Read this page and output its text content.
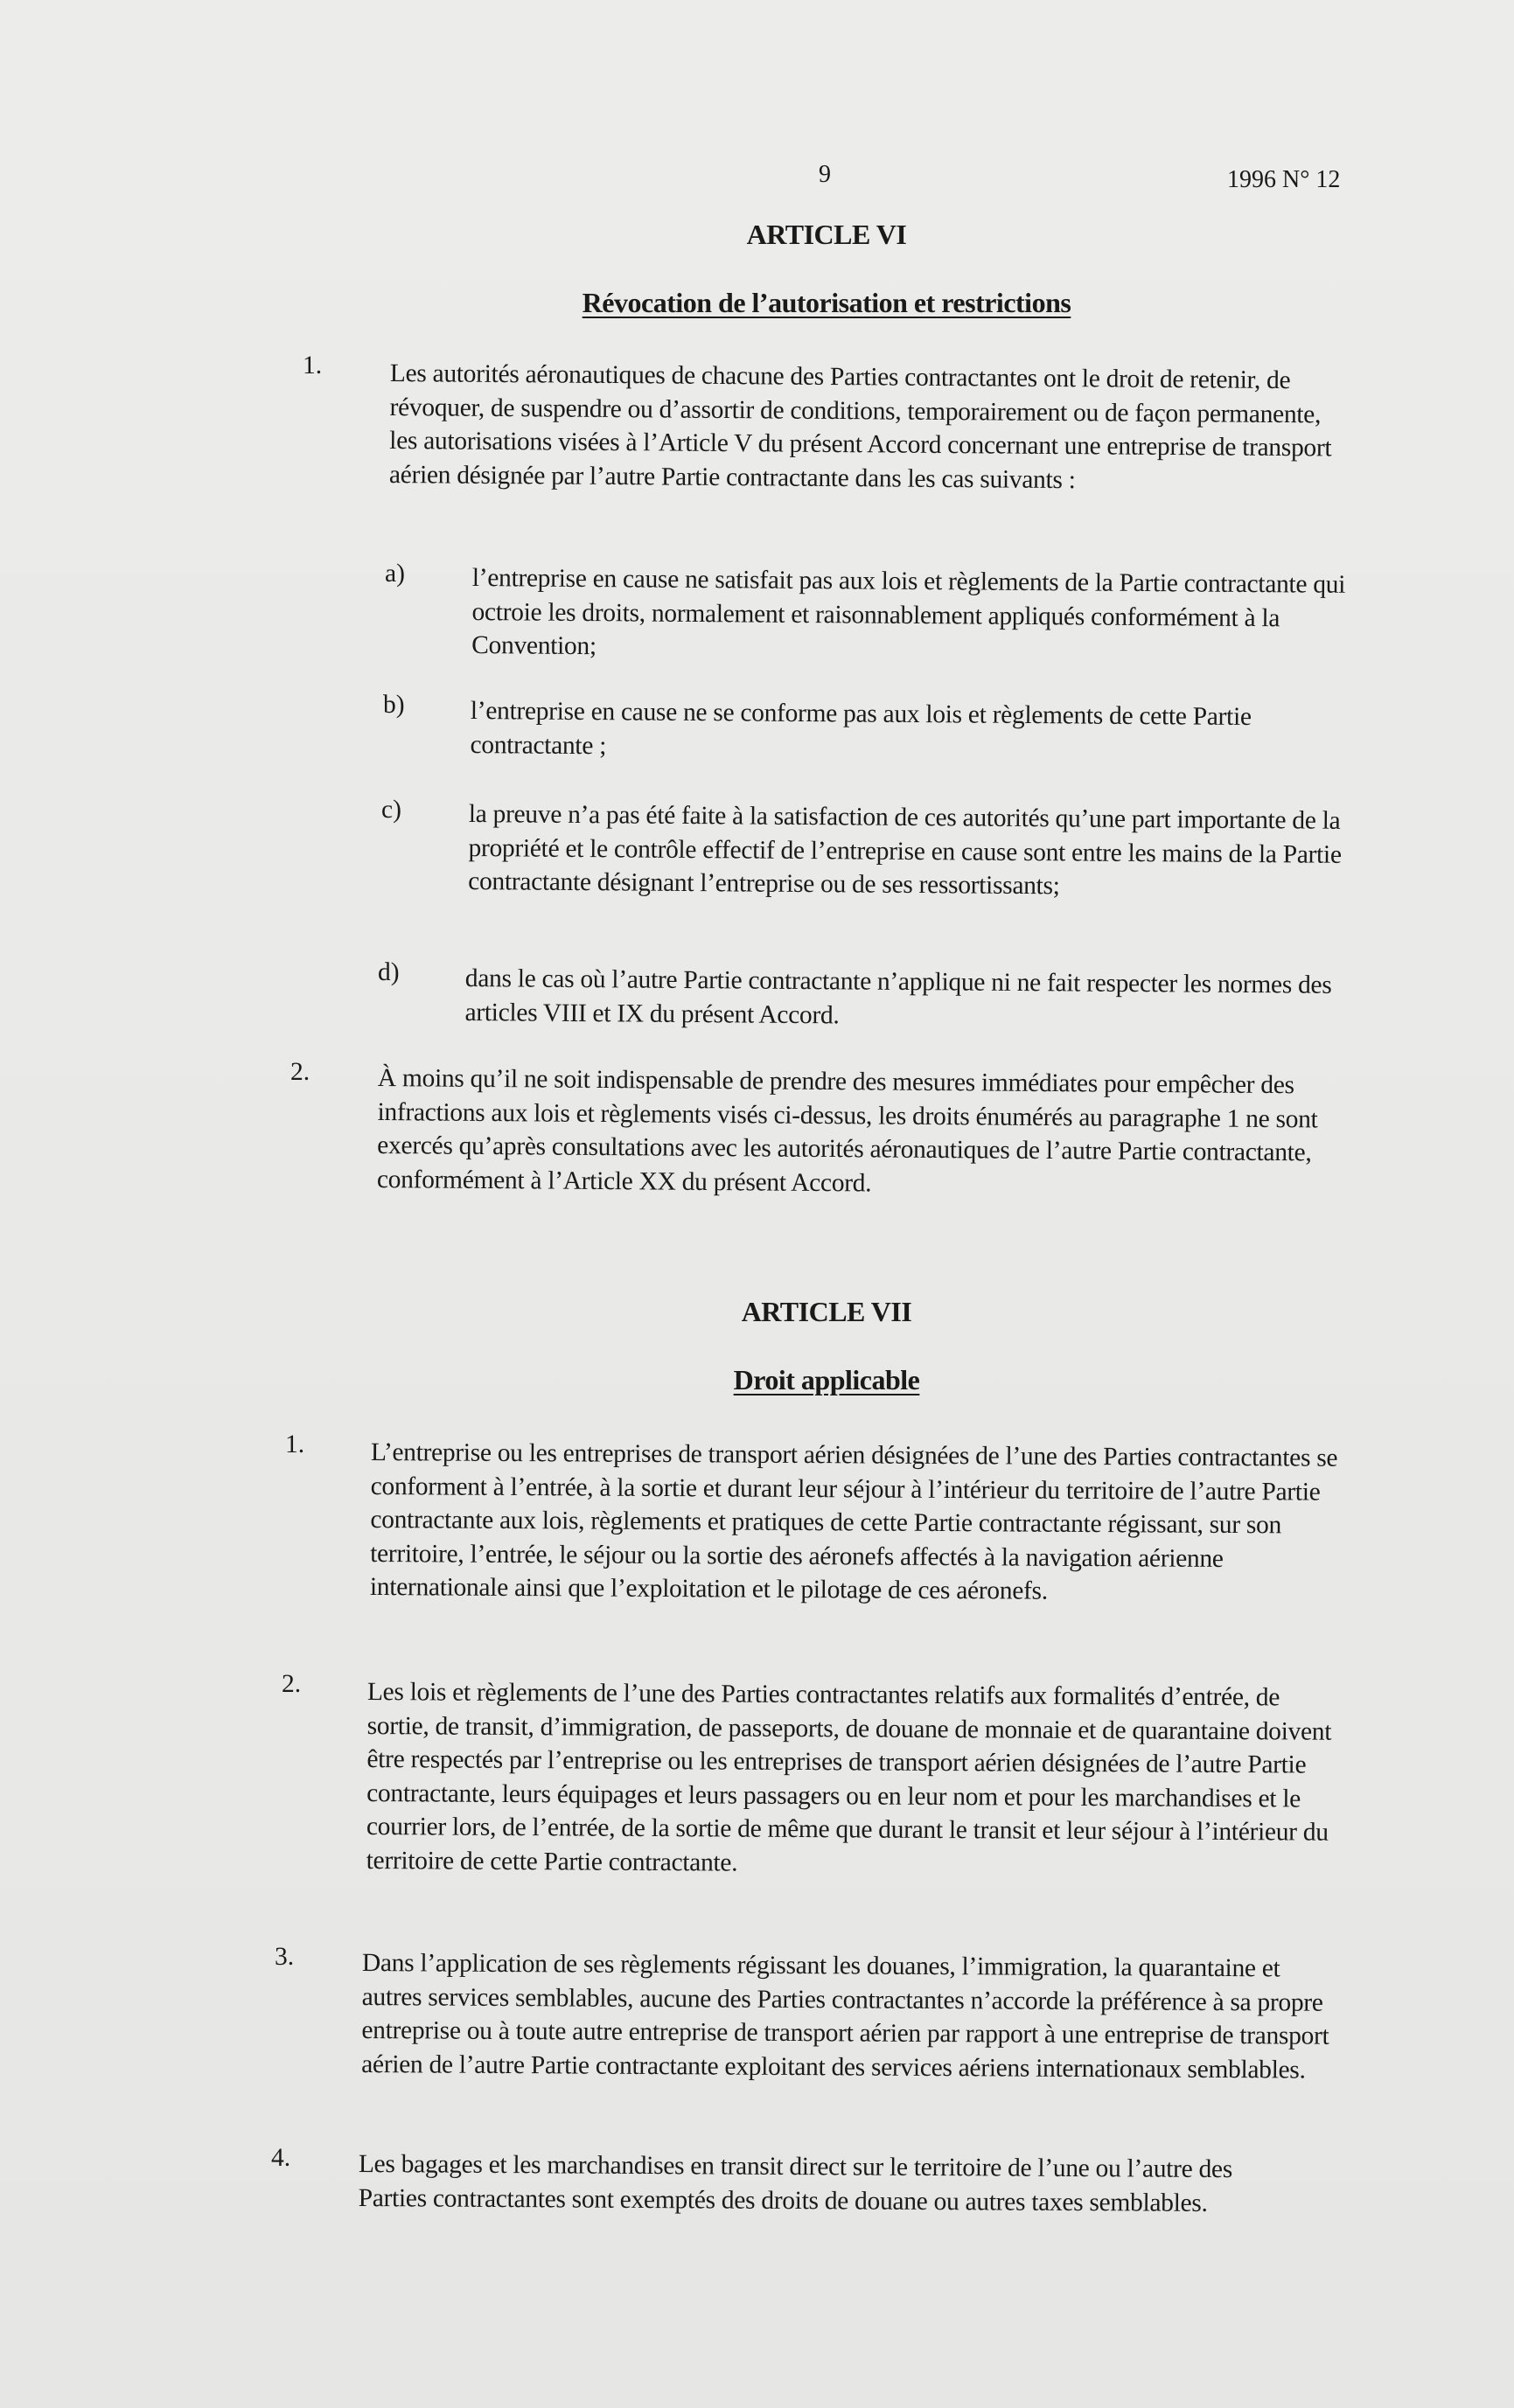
9	1996 N° 12
ARTICLE VI
Révocation de l’autorisation et restrictions
1.	Les autorités aéronautiques de chacune des Parties contractantes ont le droit de retenir, de révoquer, de suspendre ou d’assortir de conditions, temporairement ou de façon permanente, les autorisations visées à l’Article V du présent Accord concernant une entreprise de transport aérien désignée par l’autre Partie contractante dans les cas suivants :
a)	l’entreprise en cause ne satisfait pas aux lois et règlements de la Partie contractante qui octroie les droits, normalement et raisonnablement appliqués conformément à la Convention;
b)	l’entreprise en cause ne se conforme pas aux lois et règlements de cette Partie contractante ;
c)	la preuve n’a pas été faite à la satisfaction de ces autorités qu’une part importante de la propriété et le contrôle effectif de l’entreprise en cause sont entre les mains de la Partie contractante désignant l’entreprise ou de ses ressortissants;
d)	dans le cas où l’autre Partie contractante n’applique ni ne fait respecter les normes des articles VIII et IX du présent Accord.
2.	À moins qu’il ne soit indispensable de prendre des mesures immédiates pour empêcher des infractions aux lois et règlements visés ci-dessus, les droits énumérés au paragraphe 1 ne sont exercés qu’après consultations avec les autorités aéronautiques de l’autre Partie contractante, conformément à l’Article XX du présent Accord.
ARTICLE VII
Droit applicable
1.	L’entreprise ou les entreprises de transport aérien désignées de l’une des Parties contractantes se conforment à l’entrée, à la sortie et durant leur séjour à l’intérieur du territoire de l’autre Partie contractante aux lois, règlements et pratiques de cette Partie contractante régissant, sur son territoire, l’entrée, le séjour ou la sortie des aéronefs affectés à la navigation aérienne internationale ainsi que l’exploitation et le pilotage de ces aéronefs.
2.	Les lois et règlements de l’une des Parties contractantes relatifs aux formalités d’entrée, de sortie, de transit, d’immigration, de passeports, de douane de monnaie et de quarantaine doivent être respectés par l’entreprise ou les entreprises de transport aérien désignées de l’autre Partie contractante, leurs équipages et leurs passagers ou en leur nom et pour les marchandises et le courrier lors, de l’entrée, de la sortie de même que durant le transit et leur séjour à l’intérieur du territoire de cette Partie contractante.
3.	Dans l’application de ses règlements régissant les douanes, l’immigration, la quarantaine et autres services semblables, aucune des Parties contractantes n’accorde la préférence à sa propre entreprise ou à toute autre entreprise de transport aérien par rapport à une entreprise de transport aérien de l’autre Partie contractante exploitant des services aériens internationaux semblables.
4.	Les bagages et les marchandises en transit direct sur le territoire de l’une ou l’autre des Parties contractantes sont exemptés des droits de douane ou autres taxes semblables.
